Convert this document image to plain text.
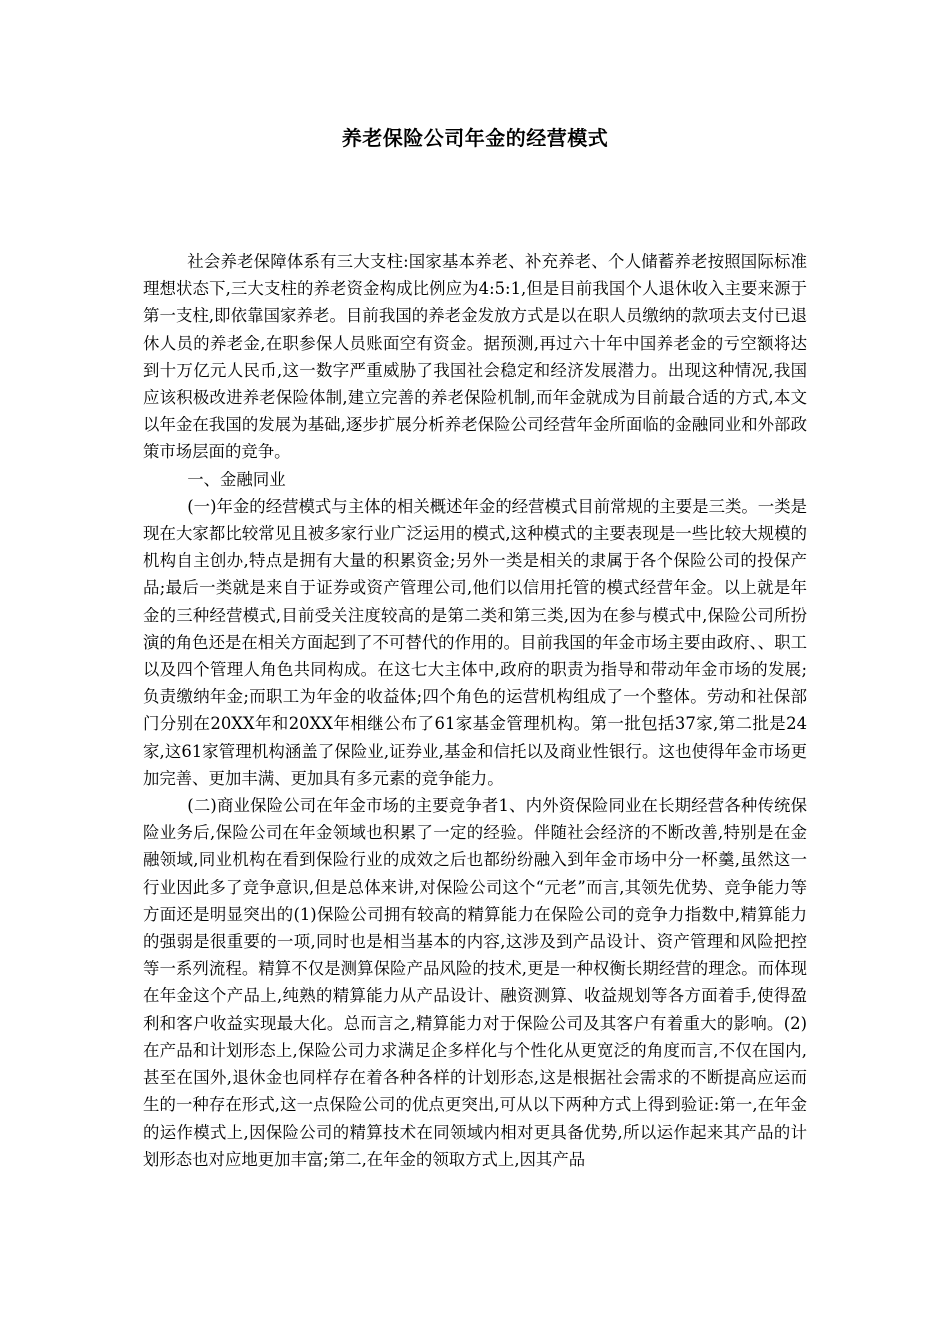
养老保险公司年金的经营模式

社会养老保障体系有三大支柱:国家基本养老、补充养老、个人储蓄养老按照国际标准理想状态下,三大支柱的养老资金构成比例应为4:5:1,但是目前我国个人退休收入主要来源于第一支柱,即依靠国家养老。目前我国的养老金发放方式是以在职人员缴纳的款项去支付已退休人员的养老金,在职参保人员账面空有资金。据预测,再过六十年中国养老金的亏空额将达到十万亿元人民币,这一数字严重威胁了我国社会稳定和经济发展潜力。出现这种情况,我国应该积极改进养老保险体制,建立完善的养老保险机制,而年金就成为目前最合适的方式,本文以年金在我国的发展为基础,逐步扩展分析养老保险公司经营年金所面临的金融同业和外部政策市场层面的竞争。

一、金融同业

(一)年金的经营模式与主体的相关概述年金的经营模式目前常规的主要是三类。一类是现在大家都比较常见且被多家行业广泛运用的模式,这种模式的主要表现是一些比较大规模的机构自主创办,特点是拥有大量的积累资金;另外一类是相关的隶属于各个保险公司的投保产品;最后一类就是来自于证券或资产管理公司,他们以信用托管的模式经营年金。以上就是年金的三种经营模式,目前受关注度较高的是第二类和第三类,因为在参与模式中,保险公司所扮演的角色还是在相关方面起到了不可替代的作用的。目前我国的年金市场主要由政府、、职工以及四个管理人角色共同构成。在这七大主体中,政府的职责为指导和带动年金市场的发展;负责缴纳年金;而职工为年金的收益体;四个角色的运营机构组成了一个整体。劳动和社保部门分别在20XX年和20XX年相继公布了61家基金管理机构。第一批包括37家,第二批是24家,这61家管理机构涵盖了保险业,证券业,基金和信托以及商业性银行。这也使得年金市场更加完善、更加丰满、更加具有多元素的竞争能力。

(二)商业保险公司在年金市场的主要竞争者1、内外资保险同业在长期经营各种传统保险业务后,保险公司在年金领域也积累了一定的经验。伴随社会经济的不断改善,特别是在金融领域,同业机构在看到保险行业的成效之后也都纷纷融入到年金市场中分一杯羹,虽然这一行业因此多了竞争意识,但是总体来讲,对保险公司这个“元老”而言,其领先优势、竞争能力等方面还是明显突出的(1)保险公司拥有较高的精算能力在保险公司的竞争力指数中,精算能力的强弱是很重要的一项,同时也是相当基本的内容,这涉及到产品设计、资产管理和风险把控等一系列流程。精算不仅是测算保险产品风险的技术,更是一种权衡长期经营的理念。而体现在年金这个产品上,纯熟的精算能力从产品设计、融资测算、收益规划等各方面着手,使得盈利和客户收益实现最大化。总而言之,精算能力对于保险公司及其客户有着重大的影响。(2)在产品和计划形态上,保险公司力求满足企多样化与个性化从更宽泛的角度而言,不仅在国内,甚至在国外,退休金也同样存在着各种各样的计划形态,这是根据社会需求的不断提高应运而生的一种存在形式,这一点保险公司的优点更突出,可从以下两种方式上得到验证:第一,在年金的运作模式上,因保险公司的精算技术在同领域内相对更具备优势,所以运作起来其产品的计划形态也对应地更加丰富;第二,在年金的领取方式上,因其产品
